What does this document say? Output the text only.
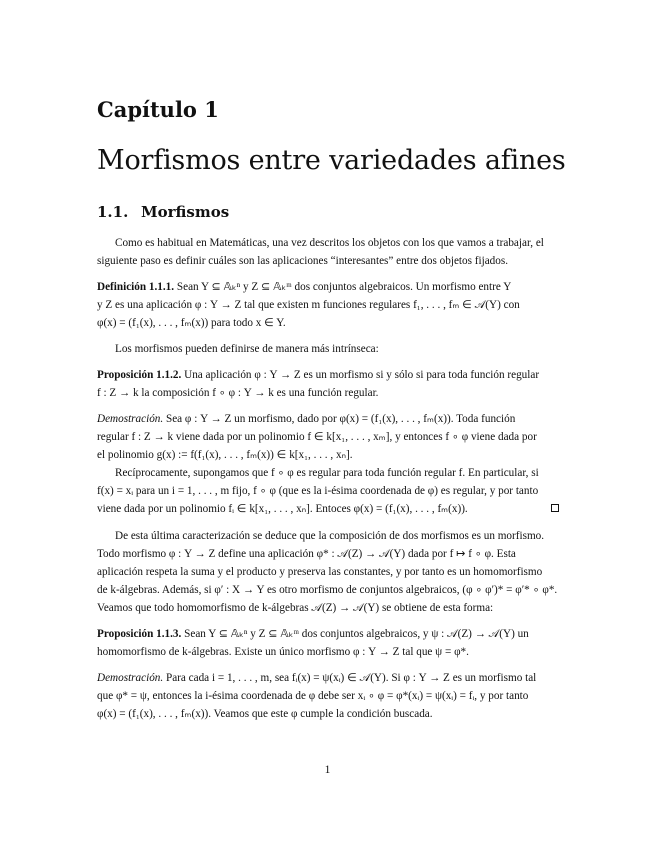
Capítulo 1
Morfismos entre variedades afines
1.1. Morfismos
Como es habitual en Matemáticas, una vez descritos los objetos con los que vamos a trabajar, el
siguiente paso es definir cuáles son las aplicaciones “interesantes” entre dos objetos fijados.
Definición 1.1.1. Sean Y ⊆ 𝔸ₖⁿ y Z ⊆ 𝔸ₖᵐ dos conjuntos algebraicos. Un morfismo entre Y
y Z es una aplicación φ : Y → Z tal que existen m funciones regulares f₁, . . . , fₘ ∈ 𝒜(Y) con
φ(x) = (f₁(x), . . . , fₘ(x)) para todo x ∈ Y.
Los morfismos pueden definirse de manera más intrínseca:
Proposición 1.1.2. Una aplicación φ : Y → Z es un morfismo si y sólo si para toda función regular
f : Z → k la composición f ∘ φ : Y → k es una función regular.
Demostración. Sea φ : Y → Z un morfismo, dado por φ(x) = (f₁(x), . . . , fₘ(x)). Toda función
regular f : Z → k viene dada por un polinomio f ∈ k[x₁, . . . , xₘ], y entonces f ∘ φ viene dada por
el polinomio g(x) := f(f₁(x), . . . , fₘ(x)) ∈ k[x₁, . . . , xₙ].
Recíprocamente, supongamos que f ∘ φ es regular para toda función regular f. En particular, si
f(x) = xᵢ para un i = 1, . . . , m fijo, f ∘ φ (que es la i-ésima coordenada de φ) es regular, y por tanto
viene dada por un polinomio fᵢ ∈ k[x₁, . . . , xₙ]. Entoces φ(x) = (f₁(x), . . . , fₘ(x)).
De esta última caracterización se deduce que la composición de dos morfismos es un morfismo.
Todo morfismo φ : Y → Z define una aplicación φ* : 𝒜(Z) → 𝒜(Y) dada por f ↦ f ∘ φ. Esta
aplicación respeta la suma y el producto y preserva las constantes, y por tanto es un homomorfismo
de k-álgebras. Además, si φ′ : X → Y es otro morfismo de conjuntos algebraicos, (φ ∘ φ′)* = φ′* ∘ φ*.
Veamos que todo homomorfismo de k-álgebras 𝒜(Z) → 𝒜(Y) se obtiene de esta forma:
Proposición 1.1.3. Sean Y ⊆ 𝔸ₖⁿ y Z ⊆ 𝔸ₖᵐ dos conjuntos algebraicos, y ψ : 𝒜(Z) → 𝒜(Y) un
homomorfismo de k-álgebras. Existe un único morfismo φ : Y → Z tal que ψ = φ*.
Demostración. Para cada i = 1, . . . , m, sea fᵢ(x) = ψ(xᵢ) ∈ 𝒜(Y). Si φ : Y → Z es un morfismo tal
que φ* = ψ, entonces la i-ésima coordenada de φ debe ser xᵢ ∘ φ = φ*(xᵢ) = ψ(xᵢ) = fᵢ, y por tanto
φ(x) = (f₁(x), . . . , fₘ(x)). Veamos que este φ cumple la condición buscada.
1
